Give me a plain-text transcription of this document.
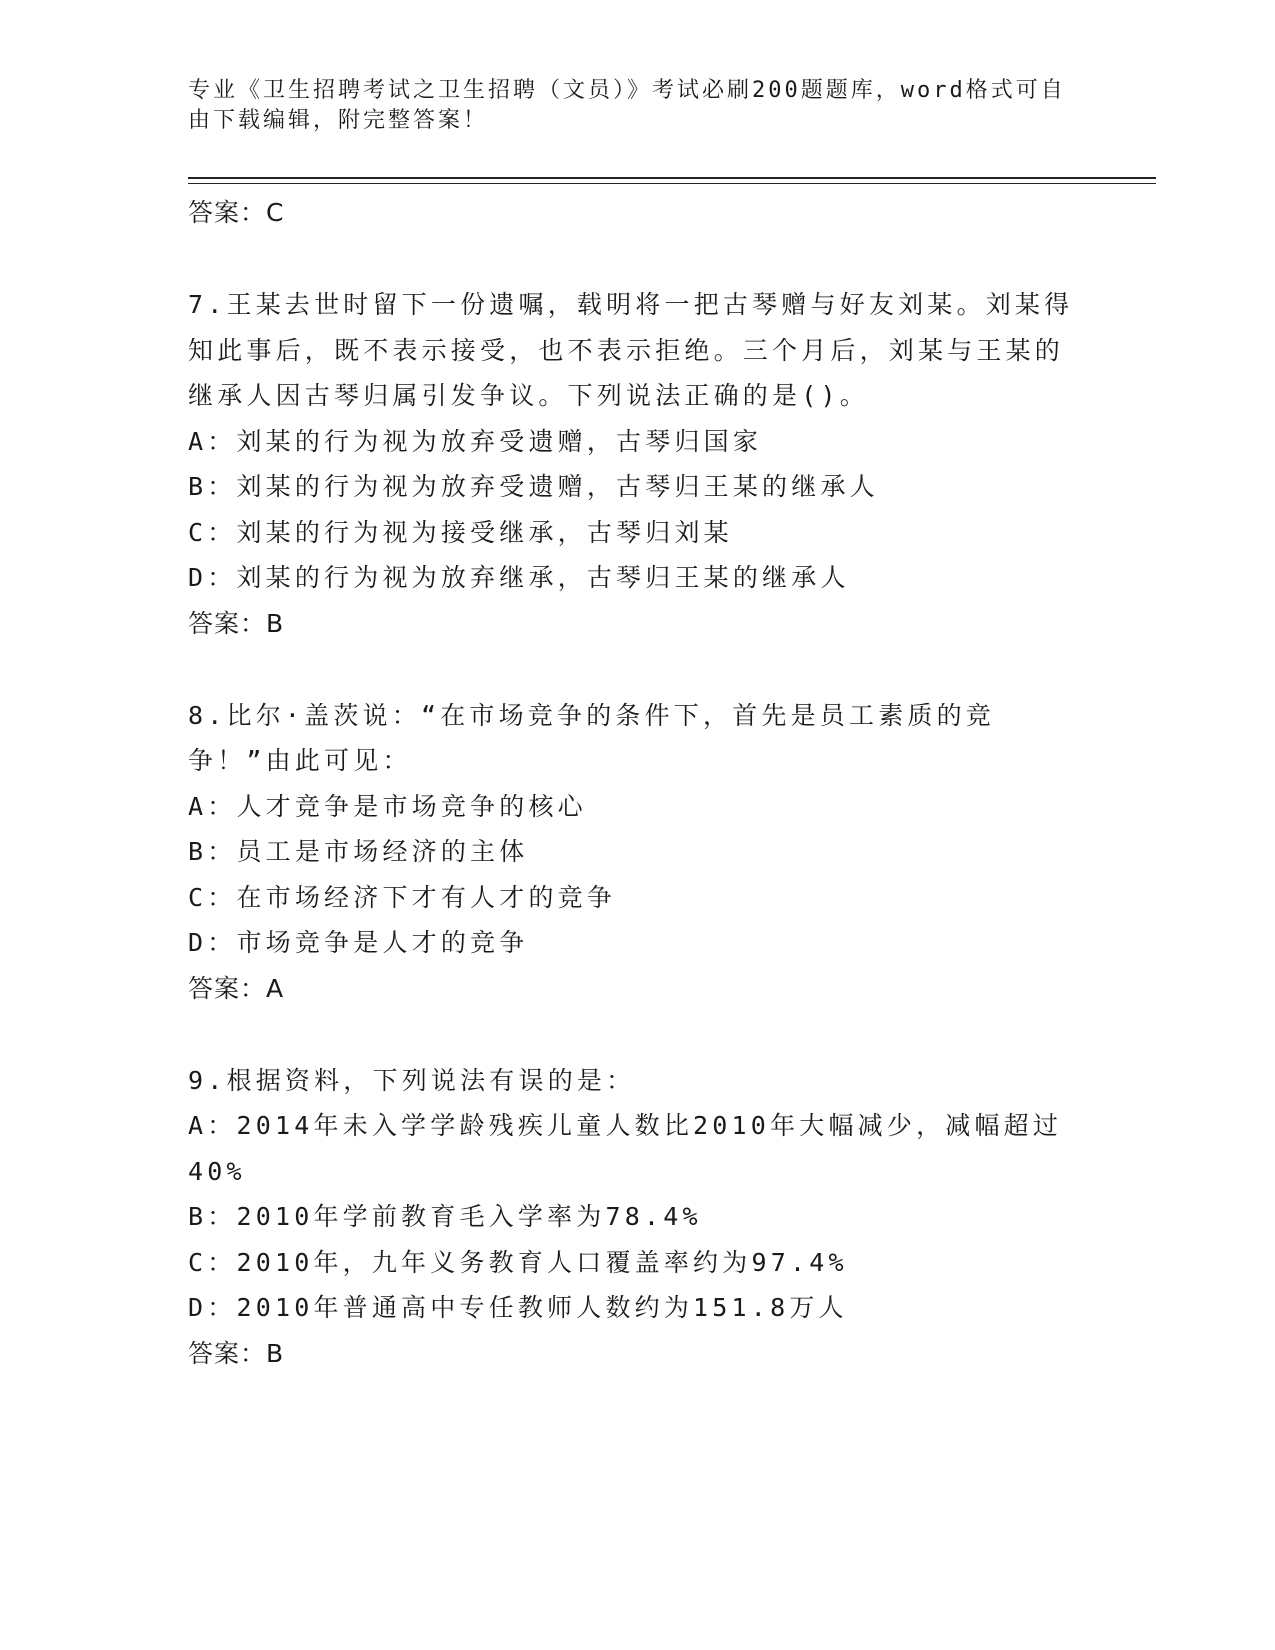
专业《卫生招聘考试之卫生招聘（文员）》考试必刷200题题库，word格式可自由下载编辑，附完整答案！
答案：C
7.王某去世时留下一份遗嘱，载明将一把古琴赠与好友刘某。刘某得知此事后，既不表示接受，也不表示拒绝。三个月后，刘某与王某的继承人因古琴归属引发争议。下列说法正确的是()。
A：刘某的行为视为放弃受遗赠，古琴归国家
B：刘某的行为视为放弃受遗赠，古琴归王某的继承人
C：刘某的行为视为接受继承，古琴归刘某
D：刘某的行为视为放弃继承，古琴归王某的继承人
答案：B
8.比尔·盖茨说：“在市场竞争的条件下，首先是员工素质的竞争！”由此可见：
A：人才竞争是市场竞争的核心
B：员工是市场经济的主体
C：在市场经济下才有人才的竞争
D：市场竞争是人才的竞争
答案：A
9.根据资料，下列说法有误的是：
A：2014年未入学学龄残疾儿童人数比2010年大幅减少，减幅超过40%
B：2010年学前教育毛入学率为78.4%
C：2010年，九年义务教育人口覆盖率约为97.4%
D：2010年普通高中专任教师人数约为151.8万人
答案：B
